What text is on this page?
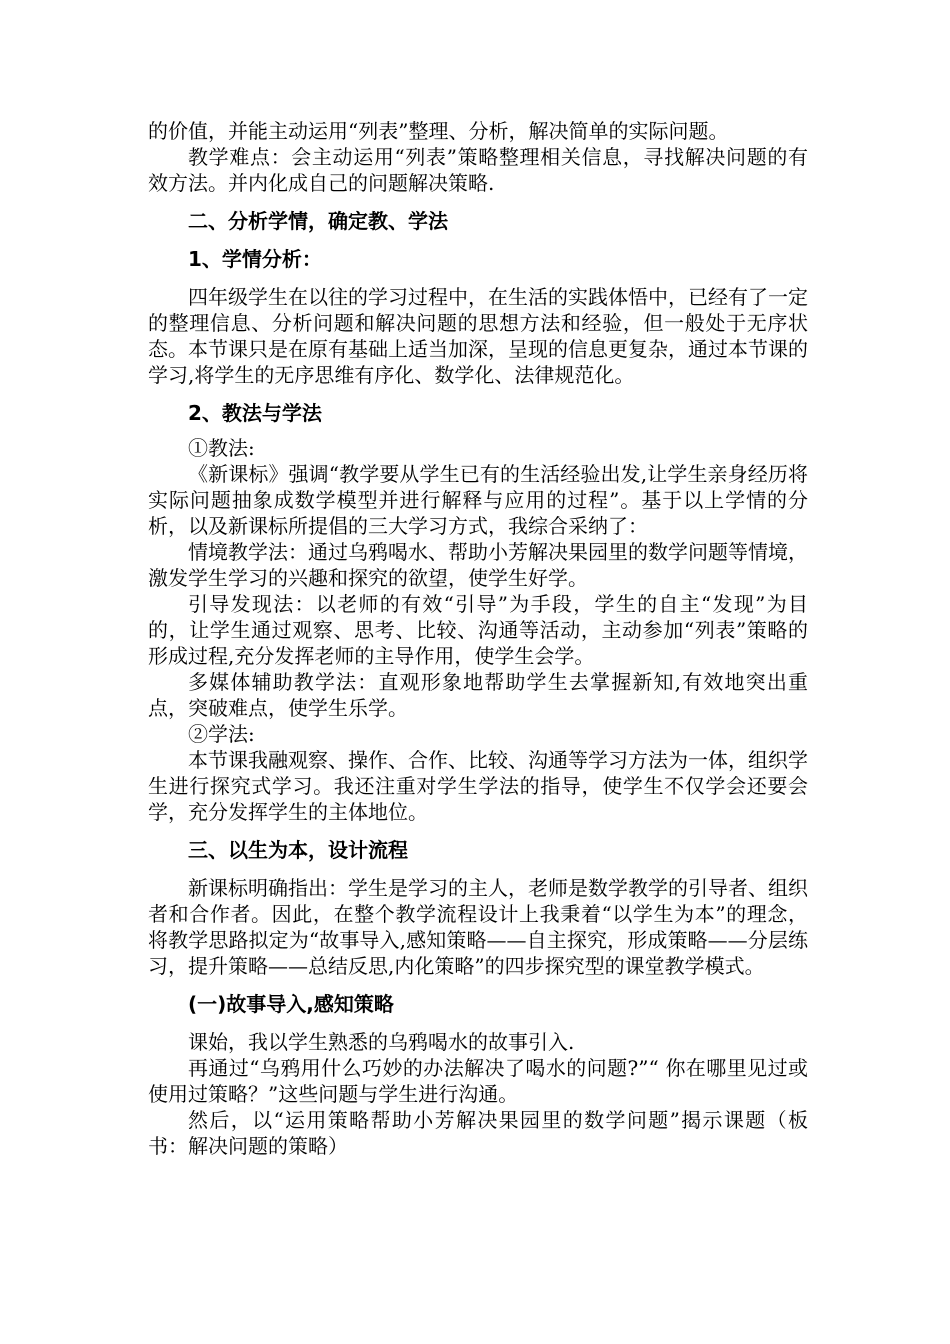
的价值，并能主动运用“列表”整理、分析，解决简单的实际问题。

教学难点：会主动运用“列表”策略整理相关信息，寻找解决问题的有效方法。并内化成自己的问题解决策略.

二、分析学情，确定教、学法
1、学情分析：

四年级学生在以往的学习过程中，在生活的实践体悟中，已经有了一定的整理信息、分析问题和解决问题的思想方法和经验，但一般处于无序状态。本节课只是在原有基础上适当加深，呈现的信息更复杂，通过本节课的学习,将学生的无序思维有序化、数学化、法律规范化。

2、教法与学法

①教法:

《新课标》强调“教学要从学生已有的生活经验出发,让学生亲身经历将实际问题抽象成数学模型并进行解释与应用的过程”。基于以上学情的分析，以及新课标所提倡的三大学习方式，我综合采纳了：

情境教学法：通过乌鸦喝水、帮助小芳解决果园里的数学问题等情境，激发学生学习的兴趣和探究的欲望，使学生好学。

引导发现法：以老师的有效“引导”为手段，学生的自主“发现”为目的，让学生通过观察、思考、比较、沟通等活动，主动参加“列表”策略的形成过程,充分发挥老师的主导作用，使学生会学。

多媒体辅助教学法：直观形象地帮助学生去掌握新知,有效地突出重点，突破难点，使学生乐学。

②学法:

本节课我融观察、操作、合作、比较、沟通等学习方法为一体，组织学生进行探究式学习。我还注重对学生学法的指导，使学生不仅学会还要会学，充分发挥学生的主体地位。

三、以生为本，设计流程

新课标明确指出：学生是学习的主人，老师是数学教学的引导者、组织者和合作者。因此，在整个教学流程设计上我秉着“以学生为本”的理念，将教学思路拟定为“故事导入,感知策略——自主探究，形成策略——分层练习，提升策略——总结反思,内化策略”的四步探究型的课堂教学模式。

(一)故事导入,感知策略

课始，我以学生熟悉的乌鸦喝水的故事引入.

再通过“乌鸦用什么巧妙的办法解决了喝水的问题?”“ 你在哪里见过或使用过策略？”这些问题与学生进行沟通。

然后，以“运用策略帮助小芳解决果园里的数学问题”揭示课题（板书：解决问题的策略）
